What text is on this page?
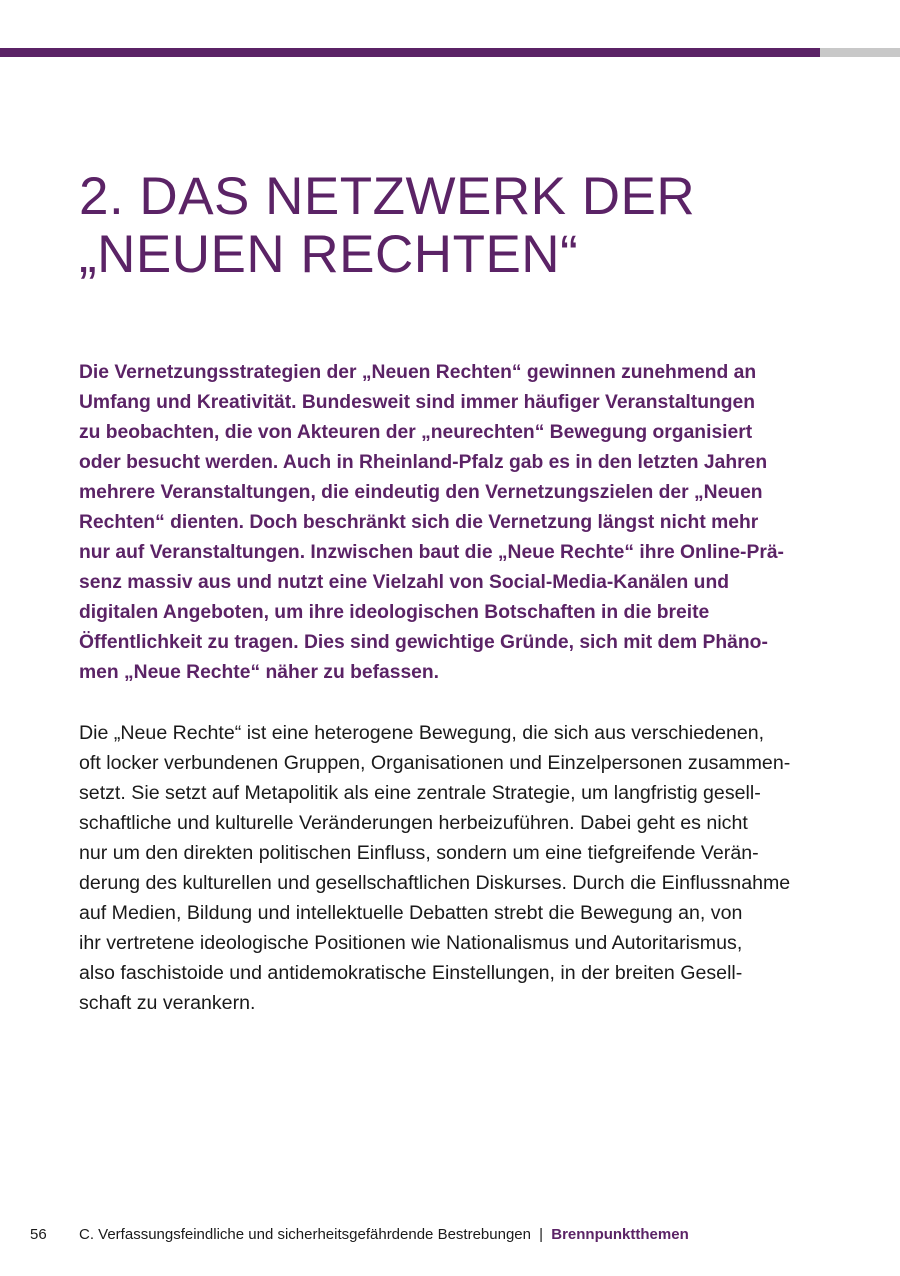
2. DAS NETZWERK DER
„NEUEN RECHTEN“

Die Vernetzungsstrategien der „Neuen Rechten“ gewinnen zunehmend an
Umfang und Kreativität. Bundesweit sind immer häufiger Veranstaltungen
zu beobachten, die von Akteuren der „neurechten“ Bewegung organisiert
oder besucht werden. Auch in Rheinland-Pfalz gab es in den letzten Jahren
mehrere Veranstaltungen, die eindeutig den Vernetzungszielen der „Neuen
Rechten“ dienten. Doch beschränkt sich die Vernetzung längst nicht mehr
nur auf Veranstaltungen. Inzwischen baut die „Neue Rechte“ ihre Online-Prä-
senz massiv aus und nutzt eine Vielzahl von Social-Media-Kanälen und
digitalen Angeboten, um ihre ideologischen Botschaften in die breite
Öffentlichkeit zu tragen. Dies sind gewichtige Gründe, sich mit dem Phäno-
men „Neue Rechte“ näher zu befassen.

Die „Neue Rechte“ ist eine heterogene Bewegung, die sich aus verschiedenen,
oft locker verbundenen Gruppen, Organisationen und Einzelpersonen zusammen-
setzt. Sie setzt auf Metapolitik als eine zentrale Strategie, um langfristig gesell-
schaftliche und kulturelle Veränderungen herbeizuführen. Dabei geht es nicht
nur um den direkten politischen Einfluss, sondern um eine tiefgreifende Verän-
derung des kulturellen und gesellschaftlichen Diskurses. Durch die Einflussnahme
auf Medien, Bildung und intellektuelle Debatten strebt die Bewegung an, von
ihr vertretene ideologische Positionen wie Nationalismus und Autoritarismus,
also faschistoide und antidemokratische Einstellungen, in der breiten Gesell-
schaft zu verankern.

56 C. Verfassungsfeindliche und sicherheitsgefährdende Bestrebungen | Brennpunktthemen
